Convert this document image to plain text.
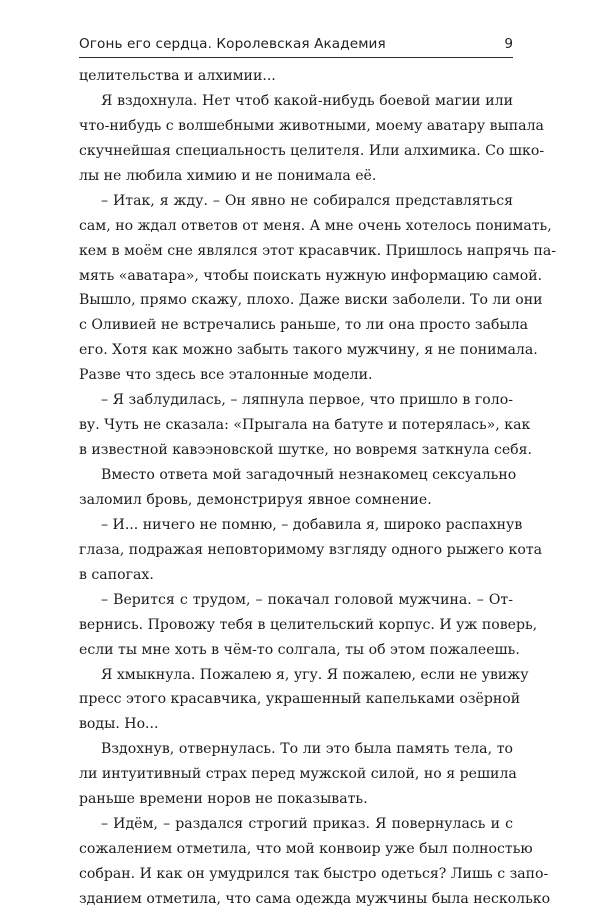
Огонь его сердца. Королевская Академия	9
целительства и алхимии...
Я вздохнула. Нет чтоб какой-нибудь боевой магии или
что-нибудь с волшебными животными, моему аватару выпала
скучнейшая специальность целителя. Или алхимика. Со шко-
лы не любила химию и не понимала её.
– Итак, я жду. – Он явно не собирался представляться
сам, но ждал ответов от меня. А мне очень хотелось понимать,
кем в моём сне являлся этот красавчик. Пришлось напрячь па-
мять «аватара», чтобы поискать нужную информацию самой.
Вышло, прямо скажу, плохо. Даже виски заболели. То ли они
с Оливией не встречались раньше, то ли она просто забыла
его. Хотя как можно забыть такого мужчину, я не понимала.
Разве что здесь все эталонные модели.
– Я заблудилась, – ляпнула первое, что пришло в голо-
ву. Чуть не сказала: «Прыгала на батуте и потерялась», как
в известной кавээновской шутке, но вовремя заткнула себя.
Вместо ответа мой загадочный незнакомец сексуально
заломил бровь, демонстрируя явное сомнение.
– И... ничего не помню, – добавила я, широко распахнув
глаза, подражая неповторимому взгляду одного рыжего кота
в сапогах.
– Верится с трудом, – покачал головой мужчина. – От-
вернись. Провожу тебя в целительский корпус. И уж поверь,
если ты мне хоть в чём-то солгала, ты об этом пожалеешь.
Я хмыкнула. Пожалею я, угу. Я пожалею, если не увижу
пресс этого красавчика, украшенный капельками озёрной
воды. Но...
Вздохнув, отвернулась. То ли это была память тела, то
ли интуитивный страх перед мужской силой, но я решила
раньше времени норов не показывать.
– Идём, – раздался строгий приказ. Я повернулась и с
сожалением отметила, что мой конвоир уже был полностью
собран. И как он умудрился так быстро одеться? Лишь с запо-
зданием отметила, что сама одежда мужчины была несколько
